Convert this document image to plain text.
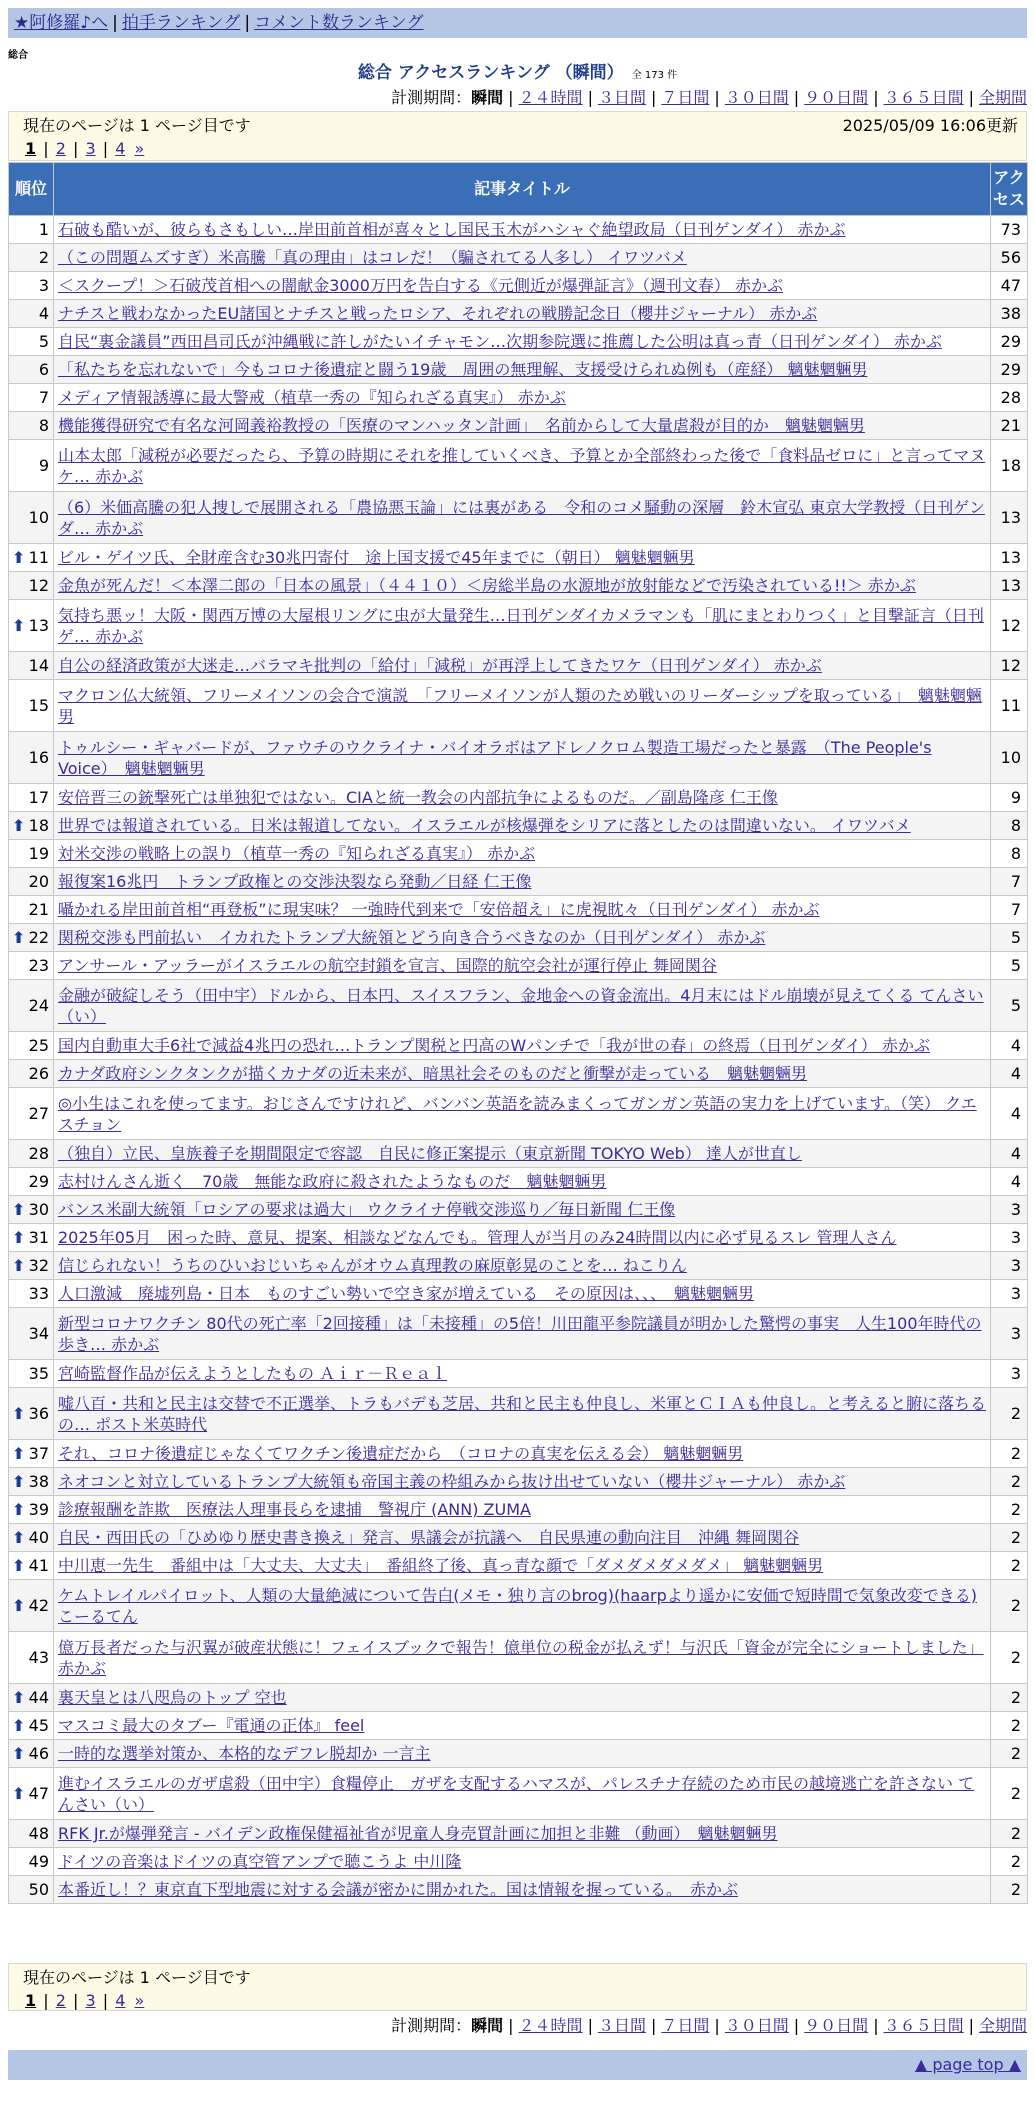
★阿修羅♪へ | 拍手ランキング | コメント数ランキング
総合
総合 アクセスランキング （瞬間） 全 173 件
計測期間：瞬間 | ２４時間 | ３日間 | ７日間 | ３０日間 | ９０日間 | ３６５日間 | 全期間
現在のページは 1 ページ目です	2025/05/09 16:06更新
1 | 2 | 3 | 4 »
順位	記事タイトル	アクセス
1	石破も酷いが、彼らもさもしい…岸田前首相が喜々とし国民玉木がハシャぐ絶望政局（日刊ゲンダイ） 赤かぶ	73
2	（この問題ムズすぎ）米高騰「真の理由」はコレだ！（騙されてる人多し） イワツバメ	56
3	＜スクープ！＞石破茂首相への闇献金3000万円を告白する《元側近が爆弾証言》（週刊文春） 赤かぶ	47
4	ナチスと戦わなかったEU諸国とナチスと戦ったロシア、それぞれの戦勝記念日（櫻井ジャーナル） 赤かぶ	38
5	自民“裏金議員”西田昌司氏が沖縄戦に許しがたいイチャモン…次期参院選に推薦した公明は真っ青（日刊ゲンダイ） 赤かぶ	29
6	「私たちを忘れないで」今もコロナ後遺症と闘う19歳　周囲の無理解、支援受けられぬ例も（産経） 魑魅魍魎男	29
7	メディア情報誘導に最大警戒（植草一秀の『知られざる真実』） 赤かぶ	28
8	機能獲得研究で有名な河岡義裕教授の「医療のマンハッタン計画」　名前からして大量虐殺が目的か　魑魅魍魎男	21
9	山本太郎「減税が必要だったら、予算の時期にそれを推していくべき、予算とか全部終わった後で「食料品ゼロに」と言ってマヌケ… 赤かぶ	18
10	（6）米価高騰の犯人捜しで展開される「農協悪玉論」には裏がある　令和のコメ騒動の深層　鈴木宣弘 東京大学教授（日刊ゲンダ… 赤かぶ	13

⬆ 11	ビル・ゲイツ氏、全財産含む30兆円寄付　途上国支援で45年までに（朝日） 魑魅魍魎男	13
12	金魚が死んだ！＜本澤二郎の「日本の風景」（４４１０）＜房総半島の水源地が放射能などで汚染されている!!＞ 赤かぶ	13

⬆ 13	気持ち悪ッ！大阪・関西万博の大屋根リングに虫が大量発生…日刊ゲンダイカメラマンも「肌にまとわりつく」と目撃証言（日刊ゲ… 赤かぶ	12
14	自公の経済政策が大迷走…バラマキ批判の「給付」「減税」が再浮上してきたワケ（日刊ゲンダイ） 赤かぶ	12
15	マクロン仏大統領、フリーメイソンの会合で演説　「フリーメイソンが人類のため戦いのリーダーシップを取っている」　魑魅魍魎男	11
16	トゥルシー・ギャバードが、ファウチのウクライナ・バイオラボはアドレノクロム製造工場だったと暴露　（The People's Voice）　魑魅魍魎男	10
17	安倍晋三の銃撃死亡は単独犯ではない。CIAと統一教会の内部抗争によるものだ。／副島隆彦 仁王像	9

⬆ 18	世界では報道されている。日米は報道してない。イスラエルが核爆弾をシリアに落としたのは間違いない。 イワツバメ	8
19	対米交渉の戦略上の誤り（植草一秀の『知られざる真実』） 赤かぶ	8
20	報復案16兆円　トランプ政権との交渉決裂なら発動／日経 仁王像	7
21	囁かれる岸田前首相“再登板”に現実味？ 一強時代到来で「安倍超え」に虎視眈々（日刊ゲンダイ） 赤かぶ	7

⬆ 22	関税交渉も門前払い　イカれたトランプ大統領とどう向き合うべきなのか（日刊ゲンダイ） 赤かぶ	5
23	アンサール・アッラーがイスラエルの航空封鎖を宣言、国際的航空会社が運行停止 舞岡関谷	5
24	金融が破綻しそう（田中宇）ドルから、日本円、スイスフラン、金地金への資金流出。4月末にはドル崩壊が見えてくる てんさい（い）	5
25	国内自動車大手6社で減益4兆円の恐れ…トランプ関税と円高のWパンチで「我が世の春」の終焉（日刊ゲンダイ） 赤かぶ	4
26	カナダ政府シンクタンクが描くカナダの近未来が、暗黒社会そのものだと衝撃が走っている　魑魅魍魎男	4
27	◎小生はこれを使ってます。おじさんですけれど、バンバン英語を読みまくってガンガン英語の実力を上げています。（笑） クエスチョン	4
28	（独自）立民、皇族養子を期間限定で容認　自民に修正案提示（東京新聞 TOKYO Web） 達人が世直し	4
29	志村けんさん逝く　70歳　無能な政府に殺されたようなものだ　魑魅魍魎男	4

⬆ 30	バンス米副大統領「ロシアの要求は過大」 ウクライナ停戦交渉巡り／毎日新聞 仁王像	3

⬆ 31	2025年05月　困った時、意見、提案、相談などなんでも。管理人が当月のみ24時間以内に必ず見るスレ 管理人さん	3

⬆ 32	信じられない！うちのひいおじいちゃんがオウム真理教の麻原彰晃のことを… ねこりん	3
33	人口激減　廃墟列島・日本　ものすごい勢いで空き家が増えている　その原因は、、、　魑魅魍魎男	3
34	新型コロナワクチン 80代の死亡率「2回接種」は「未接種」の5倍！川田龍平参院議員が明かした驚愕の事実　人生100年時代の歩き… 赤かぶ	3
35	宮崎監督作品が伝えようとしたもの Ａｉｒ－Ｒｅａｌ	3

⬆ 36	嘘八百・共和と民主は交替で不正選挙、トラもバデも芝居、共和と民主も仲良し、米軍とＣＩＡも仲良し。と考えると腑に落ちるの… ポスト米英時代	2

⬆ 37	それ、コロナ後遺症じゃなくてワクチン後遺症だから　（コロナの真実を伝える会） 魑魅魍魎男	2

⬆ 38	ネオコンと対立しているトランプ大統領も帝国主義の枠組みから抜け出せていない（櫻井ジャーナル） 赤かぶ	2

⬆ 39	診療報酬を詐欺　医療法人理事長らを逮捕　警視庁 (ANN) ZUMA	2

⬆ 40	自民・西田氏の「ひめゆり歴史書き換え」発言、県議会が抗議へ　自民県連の動向注目　沖縄 舞岡関谷	2

⬆ 41	中川恵一先生　番組中は「大丈夫、大丈夫」　番組終了後、真っ青な顔で「ダメダメダメダメ」 魑魅魍魎男	2

⬆ 42	ケムトレイルパイロット、人類の大量絶滅について告白(メモ・独り言のbrog)(haarpより遥かに安価で短時間で気象改変できる) こーるてん	2
43	億万長者だった与沢翼が破産状態に！フェイスブックで報告！億単位の税金が払えず！与沢氏「資金が完全にショートしました」 赤かぶ	2

⬆ 44	裏天皇とは八咫烏のトップ 空也	2

⬆ 45	マスコミ最大のタブー『電通の正体』 feel	2

⬆ 46	一時的な選挙対策か、本格的なデフレ脱却か 一言主	2

⬆ 47	進むイスラエルのガザ虐殺（田中宇）食糧停止　ガザを支配するハマスが、パレスチナ存続のため市民の越境逃亡を許さない てんさい（い）	2
48	RFK Jr.が爆弾発言 - バイデン政権保健福祉省が児童人身売買計画に加担と非難 （動画）　魑魅魍魎男	2
49	ドイツの音楽はドイツの真空管アンプで聴こうよ 中川隆	2
50	本番近し！？東京直下型地震に対する会議が密かに開かれた。国は情報を握っている。　赤かぶ	2
現在のページは 1 ページ目です
1 | 2 | 3 | 4 »
計測期間：瞬間 | ２４時間 | ３日間 | ７日間 | ３０日間 | ９０日間 | ３６５日間 | 全期間
▲ page top ▲
